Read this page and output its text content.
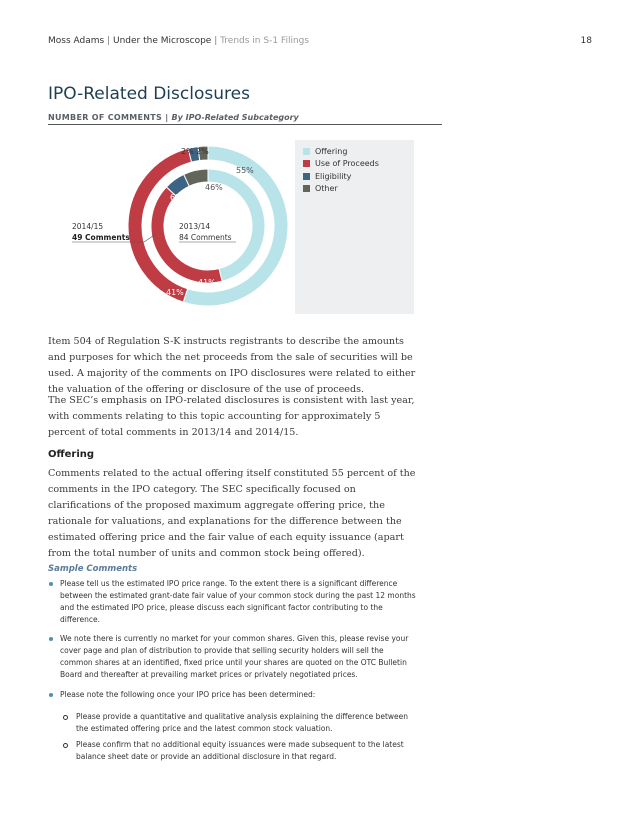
Moss Adams | Under the Microscope | Trends in S-1 Filings	18
IPO-Related Disclosures
NUMBER OF COMMENTS | By IPO-Related Subcategory
2% 2%
55%
41%
7%
6%
46%
41%
2014/15
49 Comments
2013/14
84 Comments
Offering
Use of Proceeds
Eligibility
Other
Item 504 of Regulation S-K instructs registrants to describe the amounts and purposes for which the net proceeds from the sale of securities will be used. A majority of the comments on IPO disclosures were related to either the valuation of the offering or disclosure of the use of proceeds.
The SEC’s emphasis on IPO-related disclosures is consistent with last year, with comments relating to this topic accounting for approximately 5 percent of total comments in 2013/14 and 2014/15.
Offering
Comments related to the actual offering itself constituted 55 percent of the comments in the IPO category. The SEC specifically focused on clarifications of the proposed maximum aggregate offering price, the rationale for valuations, and explanations for the difference between the estimated offering price and the fair value of each equity issuance (apart from the total number of units and common stock being offered).
Sample Comments
Please tell us the estimated IPO price range. To the extent there is a significant difference between the estimated grant-date fair value of your common stock during the past 12 months and the estimated IPO price, please discuss each significant factor contributing to the difference.
We note there is currently no market for your common shares. Given this, please revise your cover page and plan of distribution to provide that selling security holders will sell the common shares at an identified, fixed price until your shares are quoted on the OTC Bulletin Board and thereafter at prevailing market prices or privately negotiated prices.
Please note the following once your IPO price has been determined:
Please provide a quantitative and qualitative analysis explaining the difference between the estimated offering price and the latest common stock valuation.
Please confirm that no additional equity issuances were made subsequent to the latest balance sheet date or provide an additional disclosure in that regard.
